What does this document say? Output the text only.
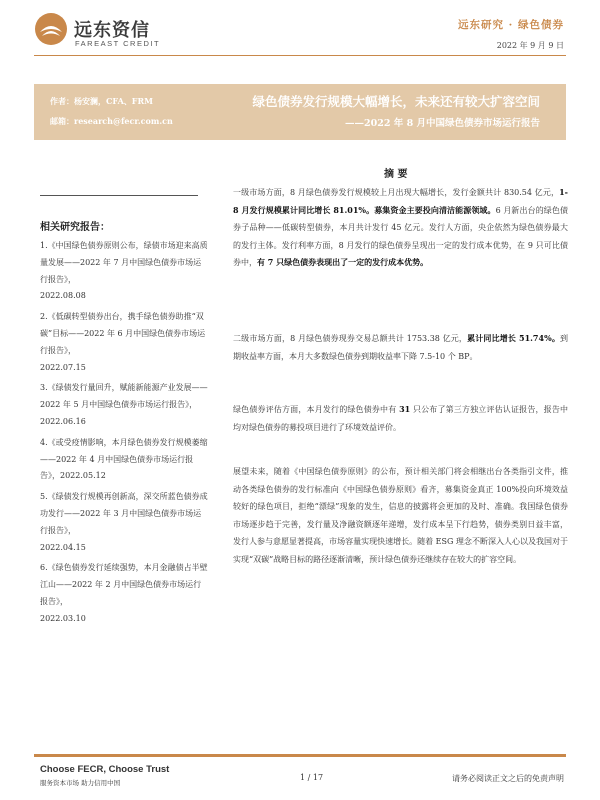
远东资信
FAREAST CREDIT
远东研究 · 绿色债券
2022 年 9 月 9 日
作者：杨安澜，CFA、FRM
邮箱：research@fecr.com.cn
绿色债券发行规模大幅增长，未来还有较大扩容空间
——2022 年 8 月中国绿色债券市场运行报告
相关研究报告：
1.《中国绿色债券原则公布，绿债市场迎来高质量发展——2022 年 7 月中国绿色债券市场运行报告》，
2022.08.08
2.《低碳转型债券出台，携手绿色债券助推“双碳”目标——2022 年 6 月中国绿色债券市场运行报告》，
2022.07.15
3.《绿债发行量回升，赋能新能源产业发展——2022 年 5 月中国绿色债券市场运行报告》，2022.06.16
4.《或受疫情影响，本月绿色债券发行规模萎缩——2022 年 4 月中国绿色债券市场运行报告》，2022.05.12
5.《绿债发行规模再创新高，深交所蓝色债券成功发行——2022 年 3 月中国绿色债券市场运行报告》，
2022.04.15
6.《绿色债券发行延续强势，本月金融债占半壁江山——2022 年 2 月中国绿色债券市场运行报告》，
2022.03.10
摘 要
一级市场方面，8 月绿色债券发行规模较上月出现大幅增长，发行金额共计 830.54 亿元，1-8 月发行规模累计同比增长 81.01%。募集资金主要投向清洁能源领域。6 月新出台的绿色债券子品种——低碳转型债券，本月共计发行 45 亿元。发行人方面，央企依然为绿色债券最大的发行主体。发行利率方面，8 月发行的绿色债券呈现出一定的发行成本优势，在 9 只可比债券中，有 7 只绿色债券表现出了一定的发行成本优势。
二级市场方面，8 月绿色债券现券交易总额共计 1753.38 亿元，累计同比增长 51.74%。到期收益率方面，本月大多数绿色债券到期收益率下降 7.5-10 个 BP。
绿色债券评估方面，本月发行的绿色债券中有 31 只公布了第三方独立评估认证报告，报告中均对绿色债券的募投项目进行了环境效益评价。
展望未来，随着《中国绿色债券原则》的公布，预计相关部门将会相继出台各类指引文件，推动各类绿色债券的发行标准向《中国绿色债券原则》看齐，募集资金真正 100%投向环境效益较好的绿色项目，拒绝“漂绿”现象的发生，信息的披露将会更加的及时、准确。我国绿色债券市场逐步趋于完善，发行量及净融资额逐年递增，发行成本呈下行趋势，债券类别日益丰富，发行人参与意愿显著提高，市场容量实现快速增长。随着 ESG 理念不断深入人心以及我国对于实现“双碳”战略目标的路径逐渐清晰，预计绿色债券还继续存在较大的扩容空间。
Choose FECR, Choose Trust
服务资本市场 助力信用中国
1 / 17	请务必阅读正文之后的免责声明
